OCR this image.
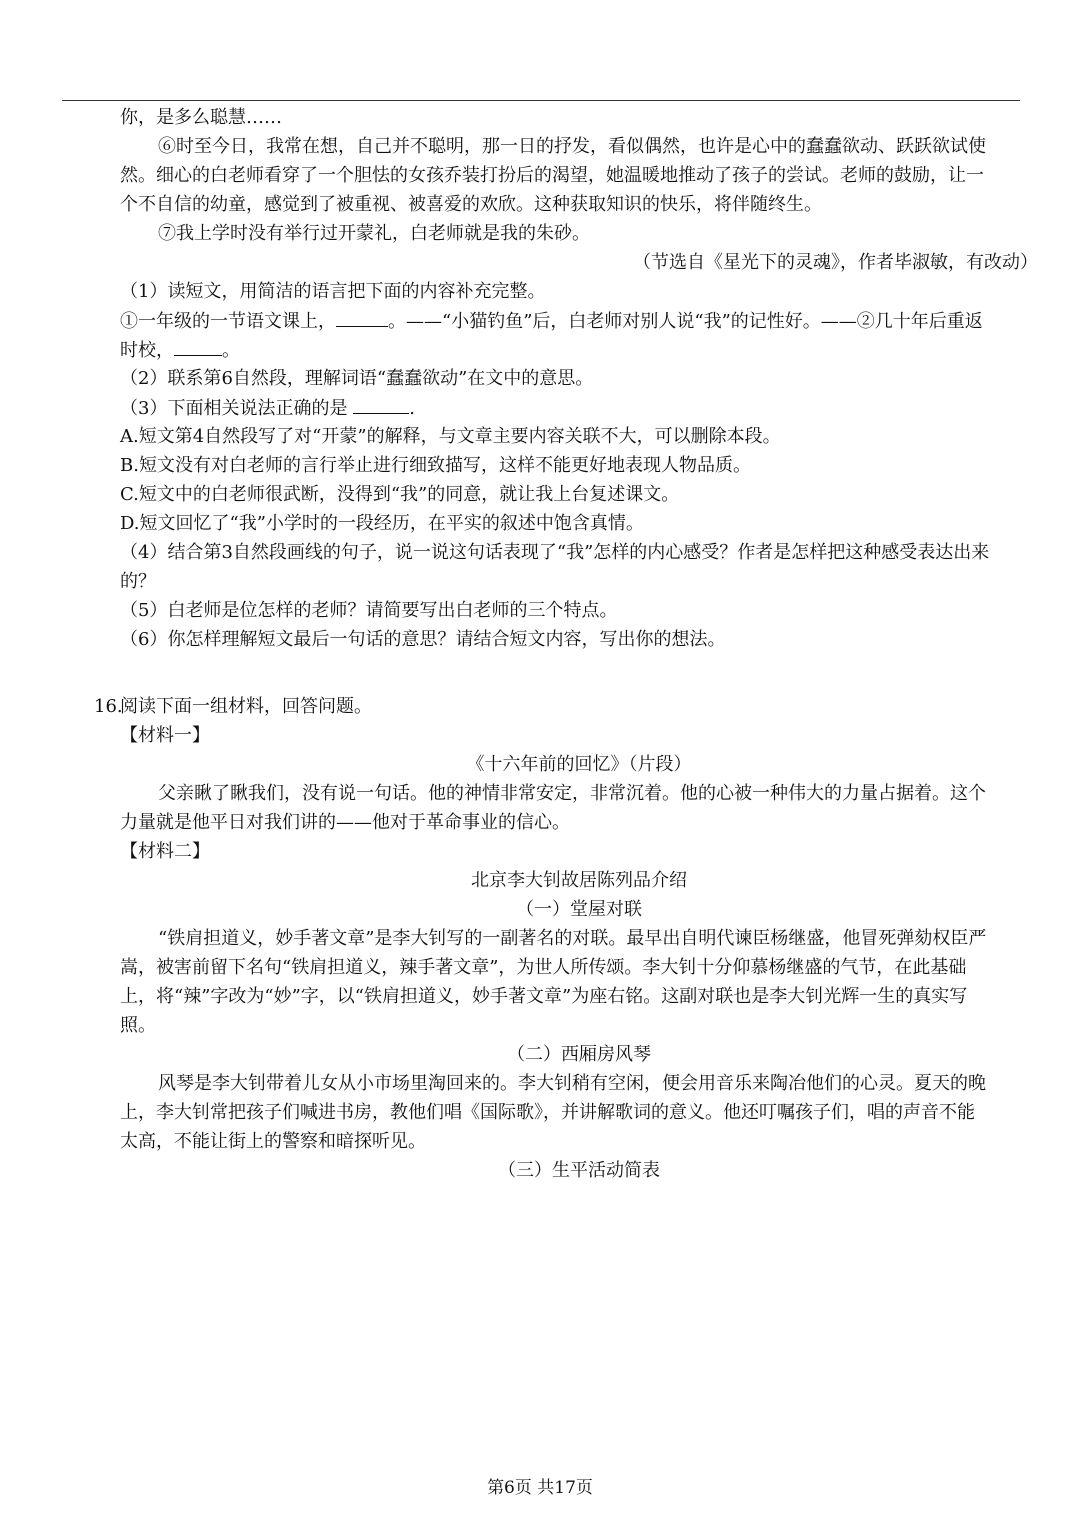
你，是多么聪慧……
⑥时至今日，我常在想，自己并不聪明，那一日的抒发，看似偶然，也许是心中的蠢蠢欲动、跃跃欲试使
然。细心的白老师看穿了一个胆怯的女孩乔装打扮后的渴望，她温暖地推动了孩子的尝试。老师的鼓励，让一
个不自信的幼童，感觉到了被重视、被喜爱的欢欣。这种获取知识的快乐，将伴随终生。
⑦我上学时没有举行过开蒙礼，白老师就是我的朱砂。
（节选自《星光下的灵魂》，作者毕淑敏，有改动）
（1）读短文，用简洁的语言把下面的内容补充完整。
①一年级的一节语文课上，	。——“小猫钓鱼”后，白老师对别人说“我”的记性好。——②几十年后重返
时校，	。
（2）联系第6自然段，理解词语“蠢蠢欲动”在文中的意思。
（3）下面相关说法正确的是	.
A.短文第4自然段写了对“开蒙”的解释，与文章主要内容关联不大，可以删除本段。
B.短文没有对白老师的言行举止进行细致描写，这样不能更好地表现人物品质。
C.短文中的白老师很武断，没得到“我”的同意，就让我上台复述课文。
D.短文回忆了“我”小学时的一段经历，在平实的叙述中饱含真情。
（4）结合第3自然段画线的句子，说一说这句话表现了“我”怎样的内心感受？作者是怎样把这种感受表达出来
的？
（5）白老师是位怎样的老师？请简要写出白老师的三个特点。
（6）你怎样理解短文最后一句话的意思？请结合短文内容，写出你的想法。
16.
阅读下面一组材料，回答问题。
【材料一】
《十六年前的回忆》（片段）
父亲瞅了瞅我们，没有说一句话。他的神情非常安定，非常沉着。他的心被一种伟大的力量占据着。这个
力量就是他平日对我们讲的——他对于革命事业的信心。
【材料二】
北京李大钊故居陈列品介绍
（一）堂屋对联
“铁肩担道义，妙手著文章”是李大钊写的一副著名的对联。最早出自明代谏臣杨继盛，他冒死弹劾权臣严
嵩，被害前留下名句“铁肩担道义，辣手著文章”，为世人所传颂。李大钊十分仰慕杨继盛的气节，在此基础
上，将“辣”字改为“妙”字，以“铁肩担道义，妙手著文章”为座右铭。这副对联也是李大钊光辉一生的真实写
照。
（二）西厢房风琴
风琴是李大钊带着儿女从小市场里淘回来的。李大钊稍有空闲，便会用音乐来陶冶他们的心灵。夏天的晚
上，李大钊常把孩子们喊进书房，教他们唱《国际歌》，并讲解歌词的意义。他还叮嘱孩子们，唱的声音不能
太高，不能让街上的警察和暗探听见。
（三）生平活动简表
第6页 共17页
